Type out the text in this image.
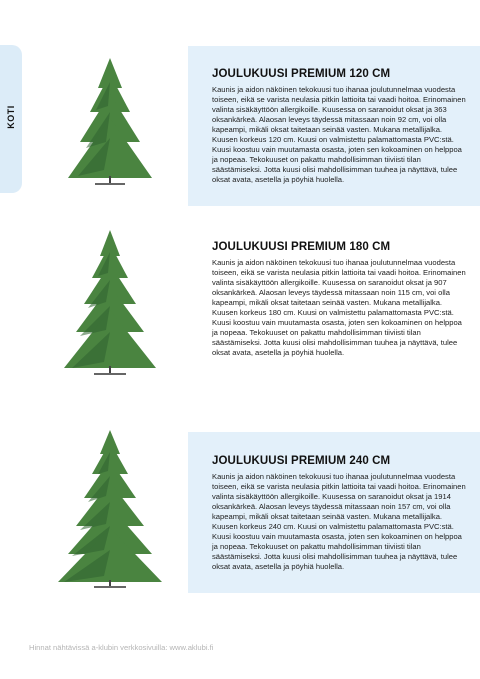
KOTI
JOULUKUUSI PREMIUM 120 CM
Kaunis ja aidon näköinen tekokuusi tuo ihanaa joulutunnelmaa vuodesta toiseen, eikä se varista neulasia pitkin lattioita tai vaadi hoitoa. Erinomainen valinta sisäkäyttöön allergikoille. Kuusessa on saranoidut oksat ja 363 oksankärkeä. Alaosan leveys täydessä mitassaan noin 92 cm, voi olla kapeampi, mikäli oksat taitetaan seinää vasten. Mukana metallijalka. Kuusen korkeus 120 cm. Kuusi on valmistettu palamattomasta PVC:stä. Kuusi koostuu vain muutamasta osasta, joten sen kokoaminen on helppoa ja nopeaa. Tekokuuset on pakattu mahdollisimman tiiviisti tilan säästämiseksi. Jotta kuusi olisi mahdollisimman tuuhea ja näyttävä, tulee oksat avata, asetella ja pöyhiä huolella.
JOULUKUUSI PREMIUM 180 CM
Kaunis ja aidon näköinen tekokuusi tuo ihanaa joulutunnelmaa vuodesta toiseen, eikä se varista neulasia pitkin lattioita tai vaadi hoitoa. Erinomainen valinta sisäkäyttöön allergikoille. Kuusessa on saranoidut oksat ja 907 oksankärkeä. Alaosan leveys täydessä mitassaan noin 115 cm, voi olla kapeampi, mikäli oksat taitetaan seinää vasten. Mukana metallijalka. Kuusen korkeus 180 cm. Kuusi on valmistettu palamattomasta PVC:stä. Kuusi koostuu vain muutamasta osasta, joten sen kokoaminen on helppoa ja nopeaa. Tekokuuset on pakattu mahdollisimman tiiviisti tilan säästämiseksi. Jotta kuusi olisi mahdollisimman tuuhea ja näyttävä, tulee oksat avata, asetella ja pöyhiä huolella.
JOULUKUUSI PREMIUM 240 CM
Kaunis ja aidon näköinen tekokuusi tuo ihanaa joulutunnelmaa vuodesta toiseen, eikä se varista neulasia pitkin lattioita tai vaadi hoitoa. Erinomainen valinta sisäkäyttöön allergikoille. Kuusessa on saranoidut oksat ja 1914 oksankärkeä. Alaosan leveys täydessä mitassaan noin 157 cm, voi olla kapeampi, mikäli oksat taitetaan seinää vasten. Mukana metallijalka. Kuusen korkeus 240 cm. Kuusi on valmistettu palamattomasta PVC:stä. Kuusi koostuu vain muutamasta osasta, joten sen kokoaminen on helppoa ja nopeaa. Tekokuuset on pakattu mahdollisimman tiiviisti tilan säästämiseksi. Jotta kuusi olisi mahdollisimman tuuhea ja näyttävä, tulee oksat avata, asetella ja pöyhiä huolella.
Hinnat nähtävissä a-klubin verkkosivuilla: www.aklubi.fi
